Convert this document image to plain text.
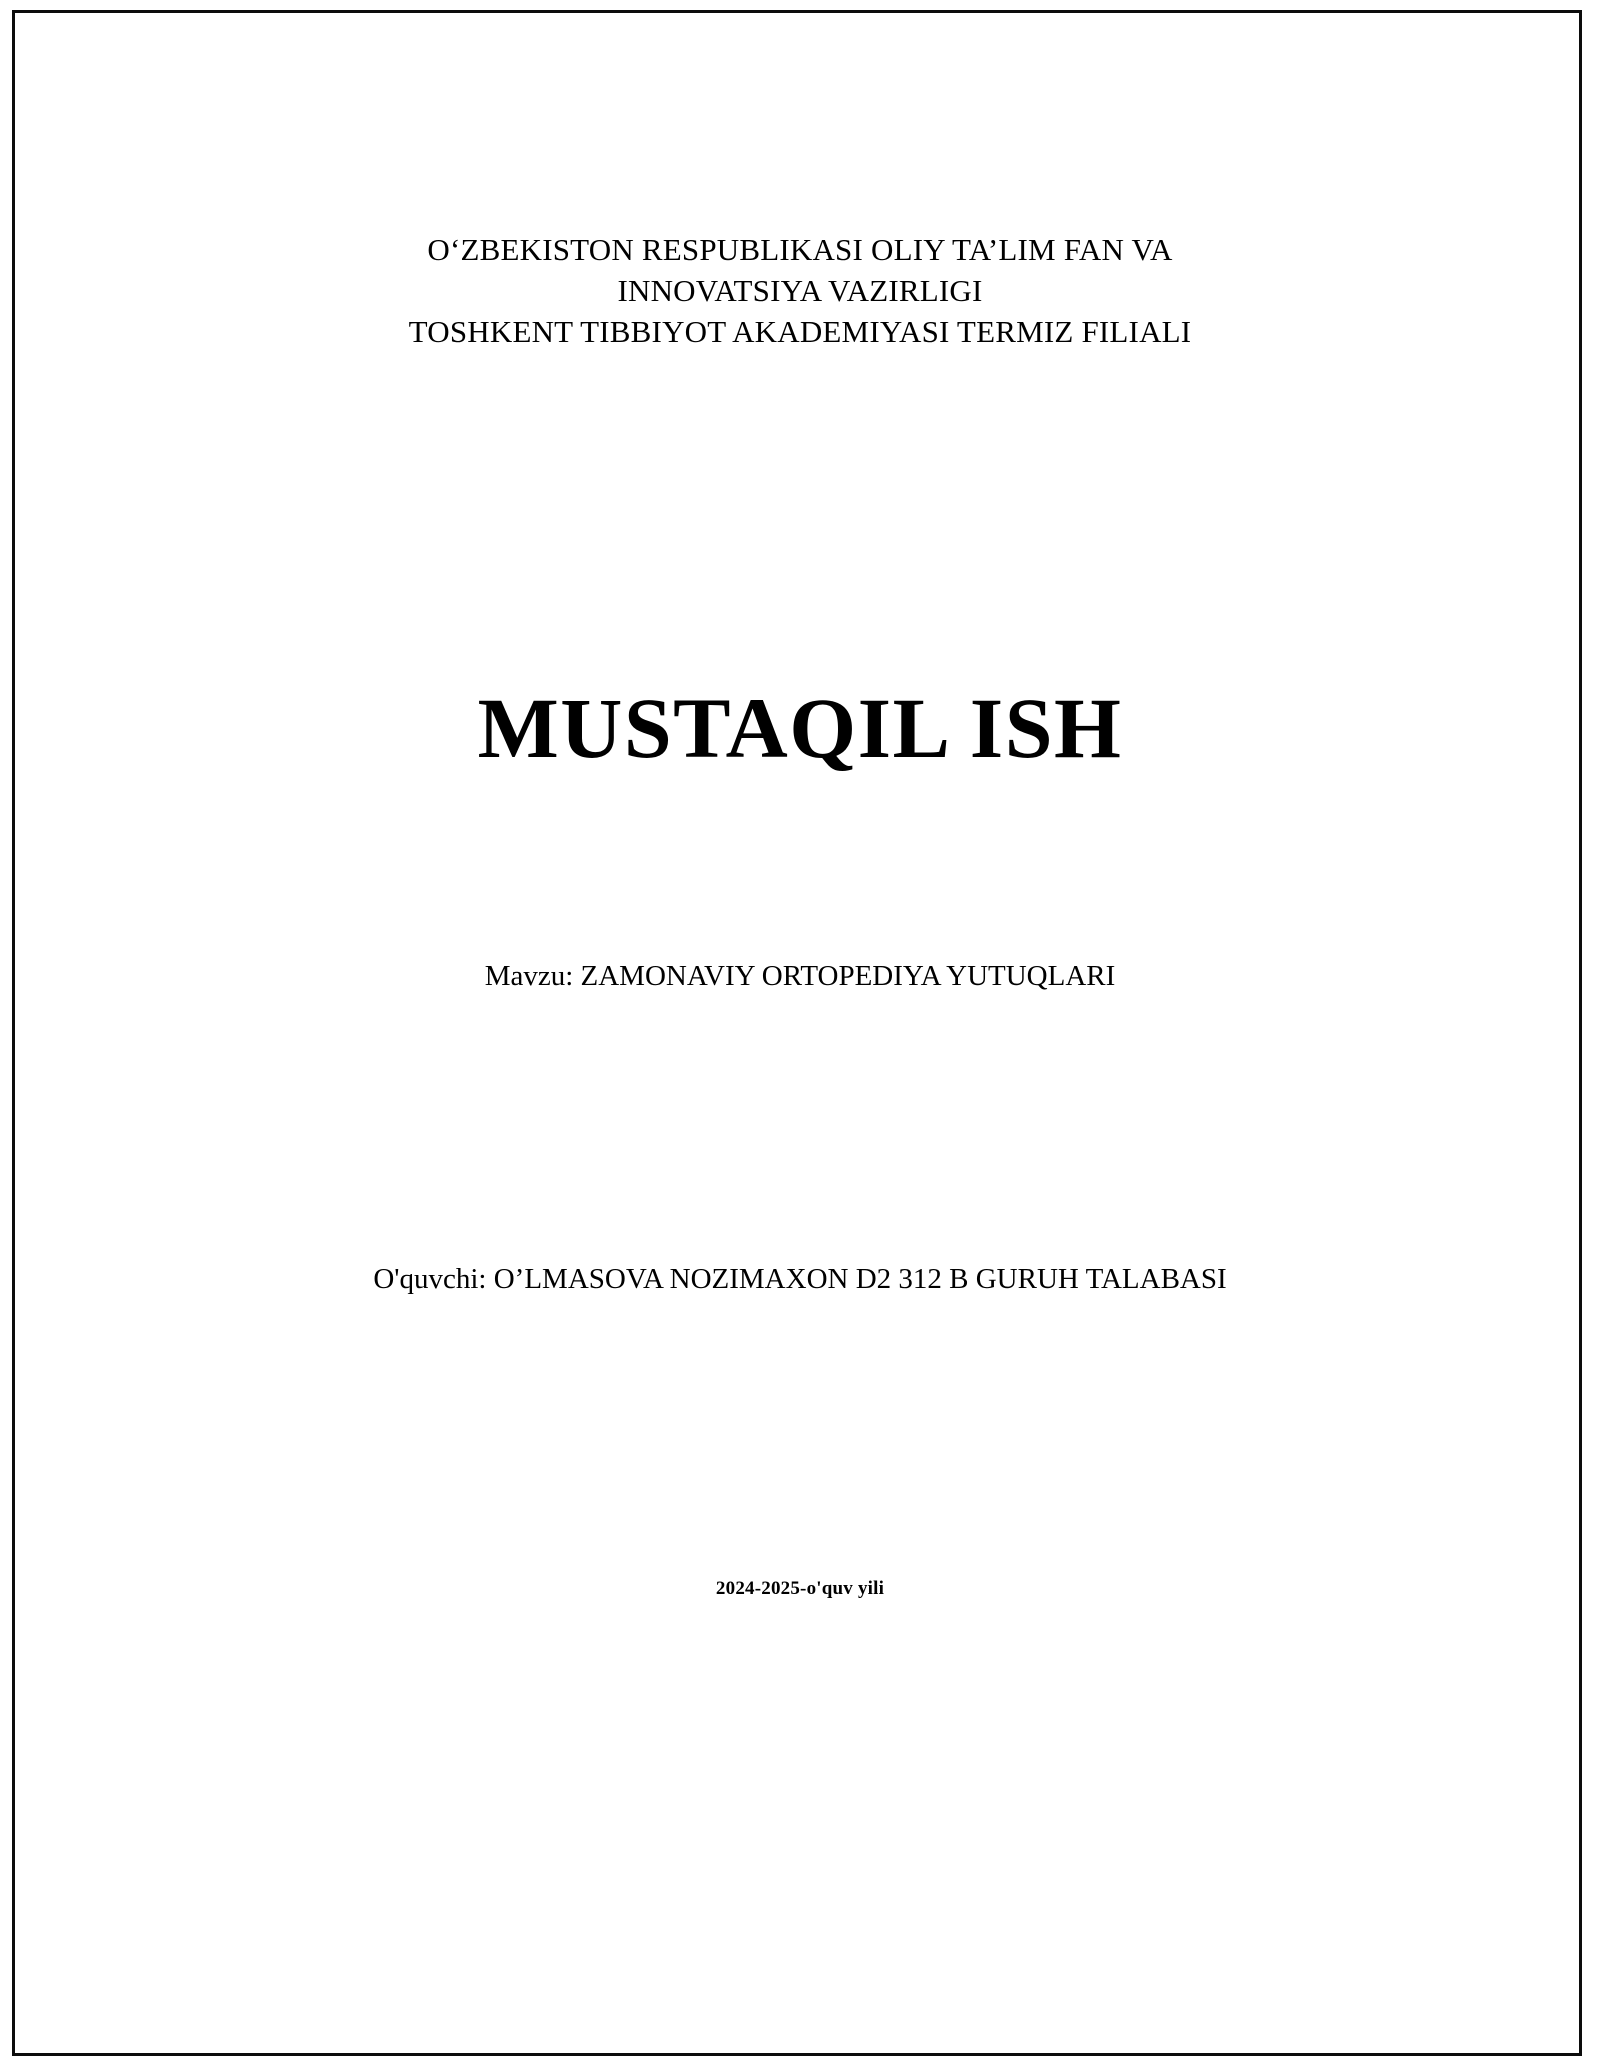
O‘ZBEKISTON RESPUBLIKASI OLIY TA’LIM FAN VA
INNOVATSIYA VAZIRLIGI
TOSHKENT TIBBIYOT AKADEMIYASI TERMIZ FILIALI
MUSTAQIL ISH
Mavzu: ZAMONAVIY ORTOPEDIYA YUTUQLARI
O'quvchi: O’LMASOVA NOZIMAXON D2 312 B GURUH TALABASI
2024-2025-o'quv yili
